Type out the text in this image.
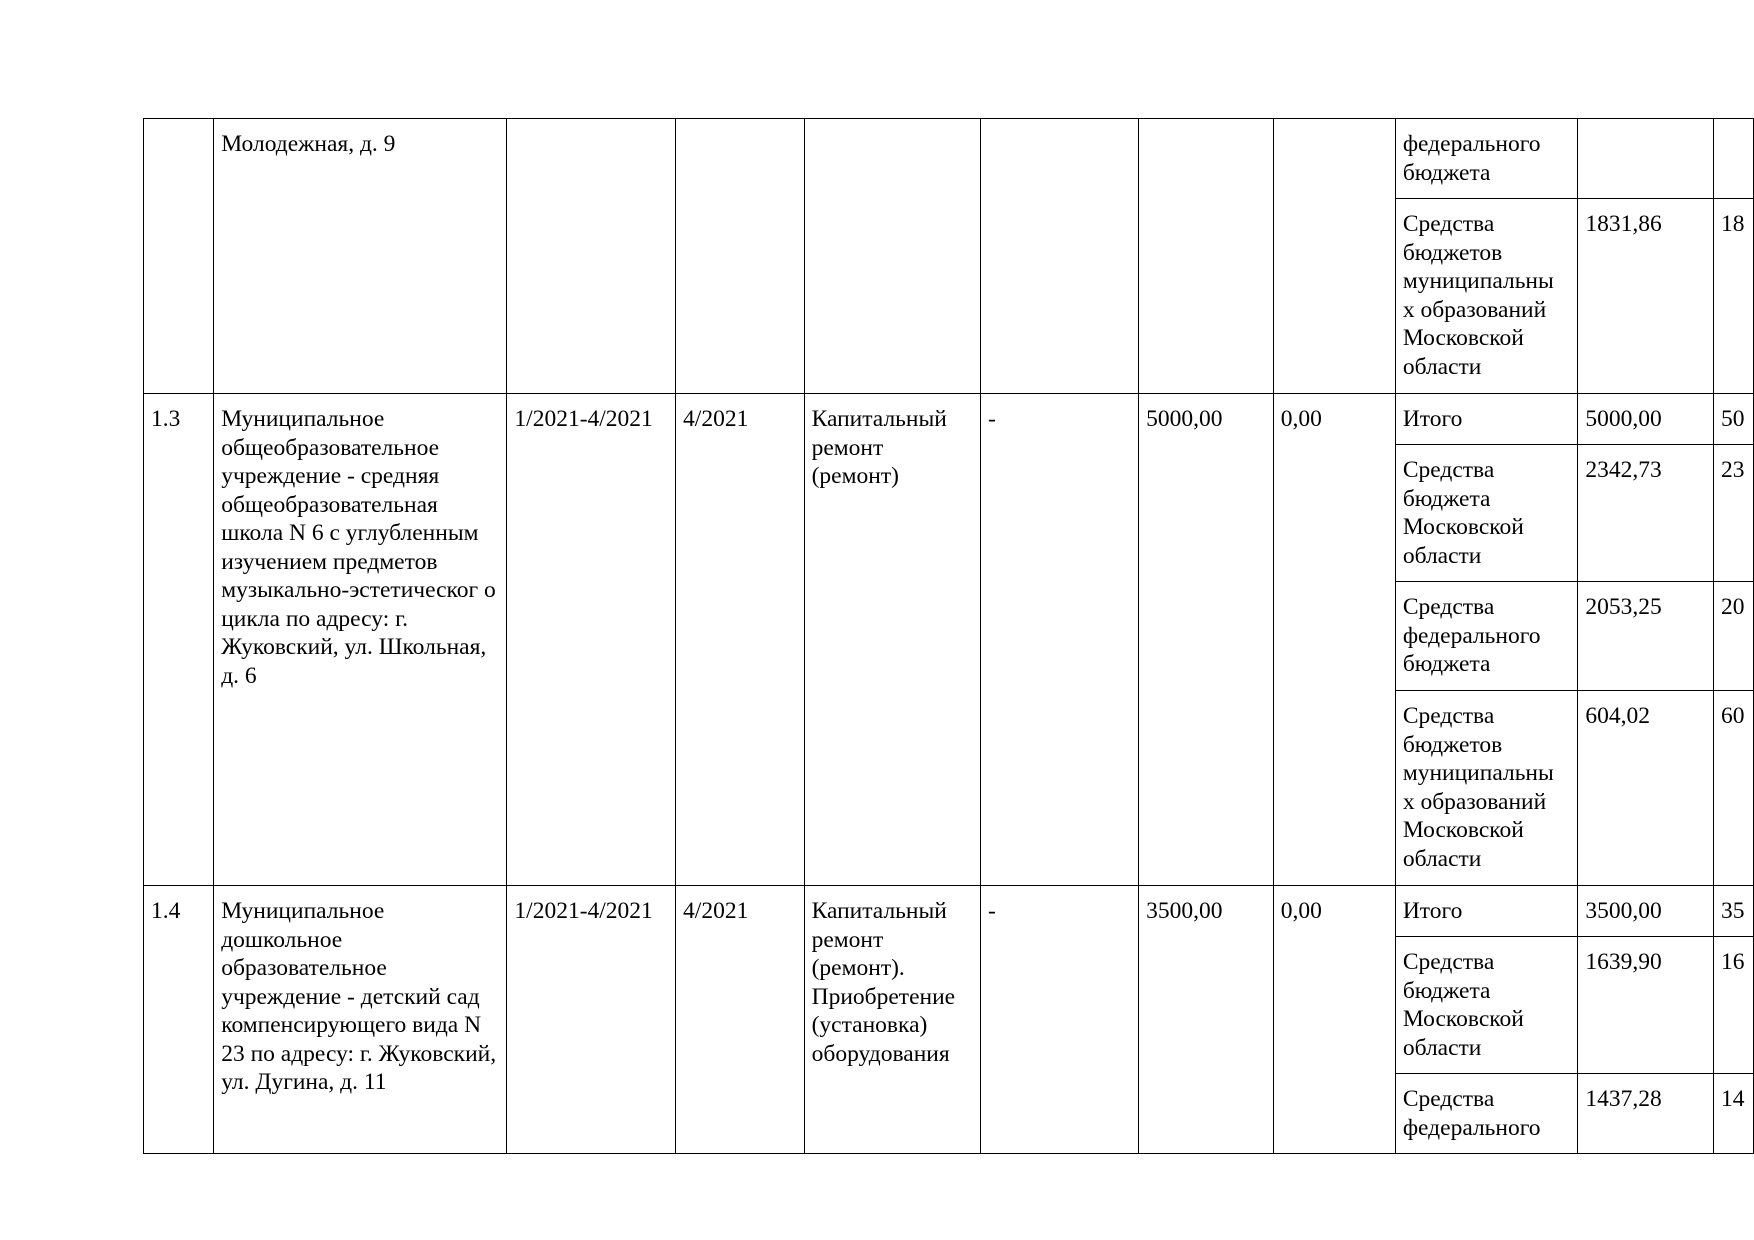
	Молодежная, д. 9							федерального бюджета		
								Средства бюджетов муниципальны х образований Московской области	1831,86	18
1.3	Муниципальное общеобразовательное учреждение - средняя общеобразовательная школа N 6 с углубленным изучением предметов музыкально-эстетическог о цикла по адресу: г. Жуковский, ул. Школьная, д. 6	1/2021-4/2021	4/2021	Капитальный ремонт (ремонт)	-	5000,00	0,00	Итого	5000,00	50
								Средства бюджета Московской области	2342,73	23
								Средства федерального бюджета	2053,25	20
								Средства бюджетов муниципальны х образований Московской области	604,02	60
1.4	Муниципальное дошкольное образовательное учреждение - детский сад компенсирующего вида N 23 по адресу: г. Жуковский, ул. Дугина, д. 11	1/2021-4/2021	4/2021	Капитальный ремонт (ремонт). Приобретение (установка) оборудования	-	3500,00	0,00	Итого	3500,00	35
								Средства бюджета Московской области	1639,90	16
								Средства федерального	1437,28	14
